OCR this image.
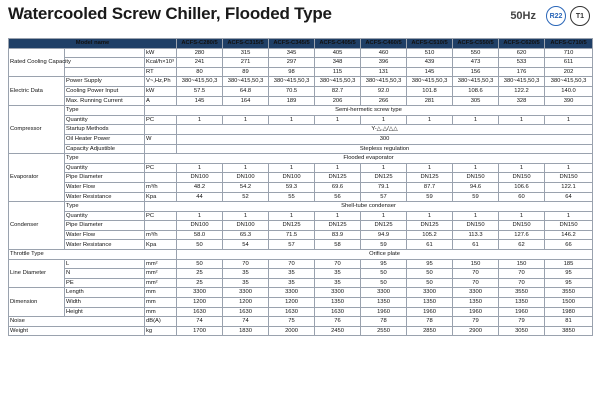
Watercooled Screw Chiller, Flooded Type	50Hz	R22	T1
Model name			ACFS-C280/5	ACFS-C315/5	ACFS-C345/5	ACFS-C405/5	ACFS-C460/5	ACFS-C510/5	ACFS-C550/5	ACFS-C620/5	ACFS-C710/5
Rated Cooling Capacity		kW	280	315	345	405	460	510	550	620	710
		Kcal/h×10³	241	271	297	348	396	439	473	533	611
		RT	80	89	98	115	131	145	156	176	202
Electric Data	Power Supply	V~,Hz,Ph	380~415,50,3	380~415,50,3	380~415,50,3	380~415,50,3	380~415,50,3	380~415,50,3	380~415,50,3	380~415,50,3	380~415,50,3
	Cooling Power Input	kW	57.5	64.8	70.5	82.7	92.0	101.8	108.6	122.2	140.0
	Max. Running Current	A	145	164	189	206	266	281	305	328	390
Compressor	Type	Semi-hermetic screw type									
	Quantity	PC	1	1	1	1	1	1	1	1	1
	Startup Methods		Y-△,△/△△								
	Oil Heater Power	W	300								
	Capacity Adjustible		Stepless regulation								
Evaporator	Type	Flooded evaporator									
	Quantity	PC	1	1	1	1	1	1	1	1	1
	Pipe Diameter		DN100	DN100	DN100	DN125	DN125	DN125	DN150	DN150	DN150
	Water Flow	m³/h	48.2	54.2	59.3	69.6	79.1	87.7	94.6	106.6	122.1
	Water Resistance	Kpa	44	52	55	56	57	59	59	60	64
Condenser	Type	Shell-tube condenser									
	Quantity	PC	1	1	1	1	1	1	1	1	1
	Pipe Diameter		DN100	DN100	DN125	DN125	DN125	DN125	DN150	DN150	DN150
	Water Flow	m³/h	58.0	65.3	71.5	83.9	94.9	105.2	113.3	127.6	146.2
	Water Resistance	Kpa	50	54	57	58	59	61	61	62	66
Throttle Type			Orifice plate								
Line Diameter	L	mm²	50	70	70	70	95	95	150	150	185
	N	mm²	25	35	35	35	50	50	70	70	95
	PE	mm²	25	35	35	35	50	50	70	70	95
Dimension	Length	mm	3300	3300	3300	3300	3300	3300	3300	3550	3550
	Width	mm	1200	1200	1200	1350	1350	1350	1350	1350	1500
	Height	mm	1630	1630	1630	1630	1960	1960	1960	1960	1980
Noise		dB(A)	74	74	75	76	78	78	79	79	81
Weight		kg	1700	1830	2000	2450	2550	2850	2900	3050	3850
